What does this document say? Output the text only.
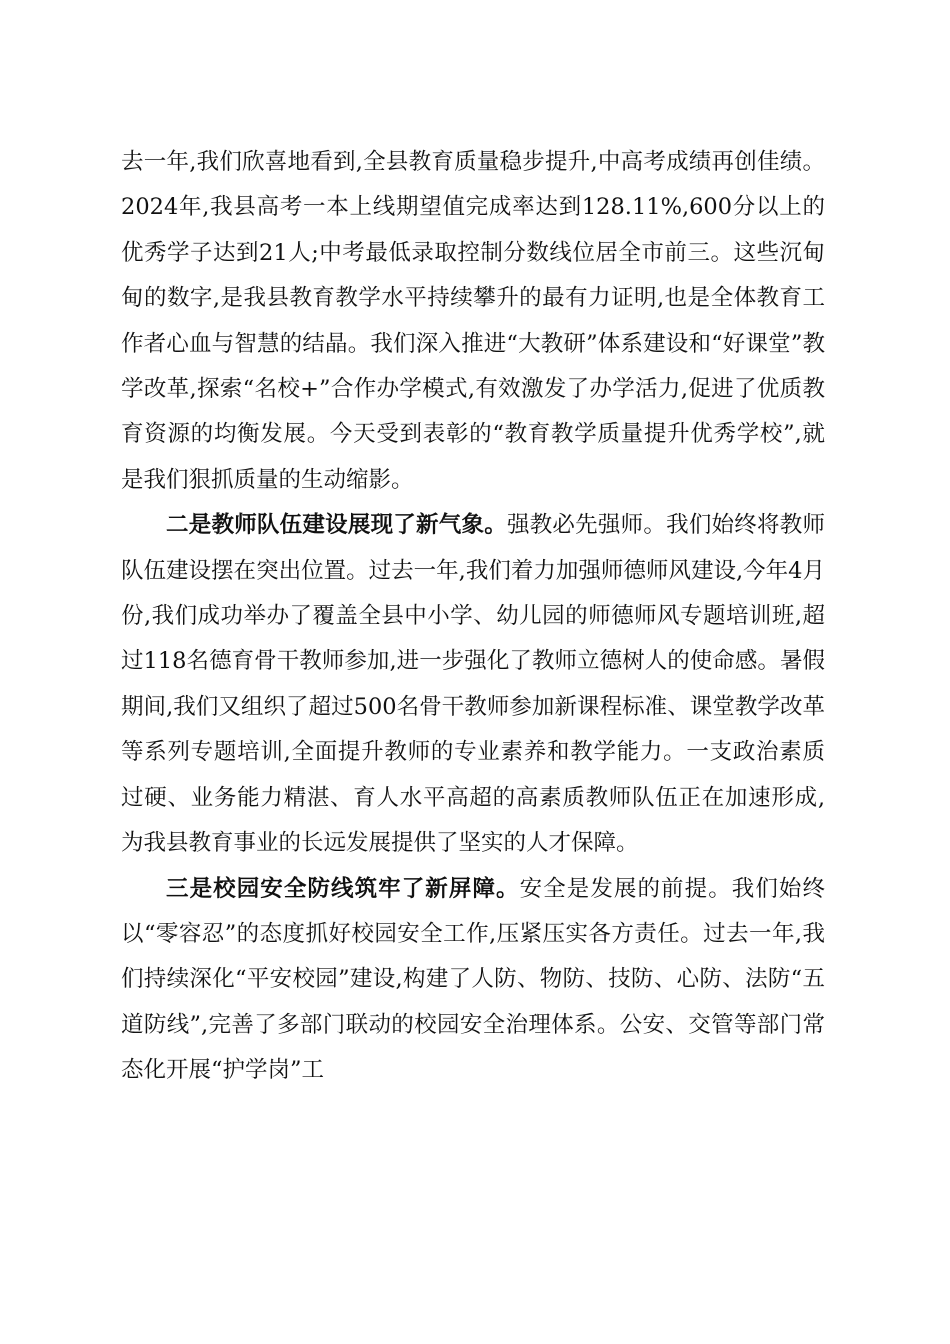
去一年,我们欣喜地看到,全县教育质量稳步提升,中高考成绩再创佳绩。2024年,我县高考一本上线期望值完成率达到128.11%,600分以上的优秀学子达到21人;中考最低录取控制分数线位居全市前三。这些沉甸甸的数字,是我县教育教学水平持续攀升的最有力证明,也是全体教育工作者心血与智慧的结晶。我们深入推进“大教研”体系建设和“好课堂”教学改革,探索“名校+”合作办学模式,有效激发了办学活力,促进了优质教育资源的均衡发展。今天受到表彰的“教育教学质量提升优秀学校”,就是我们狠抓质量的生动缩影。

二是教师队伍建设展现了新气象。强教必先强师。我们始终将教师队伍建设摆在突出位置。过去一年,我们着力加强师德师风建设,今年4月份,我们成功举办了覆盖全县中小学、幼儿园的师德师风专题培训班,超过118名德育骨干教师参加,进一步强化了教师立德树人的使命感。暑假期间,我们又组织了超过500名骨干教师参加新课程标准、课堂教学改革等系列专题培训,全面提升教师的专业素养和教学能力。一支政治素质过硬、业务能力精湛、育人水平高超的高素质教师队伍正在加速形成,为我县教育事业的长远发展提供了坚实的人才保障。

三是校园安全防线筑牢了新屏障。安全是发展的前提。我们始终以“零容忍”的态度抓好校园安全工作,压紧压实各方责任。过去一年,我们持续深化“平安校园”建设,构建了人防、物防、技防、心防、法防“五道防线”,完善了多部门联动的校园安全治理体系。公安、交管等部门常态化开展“护学岗”工
